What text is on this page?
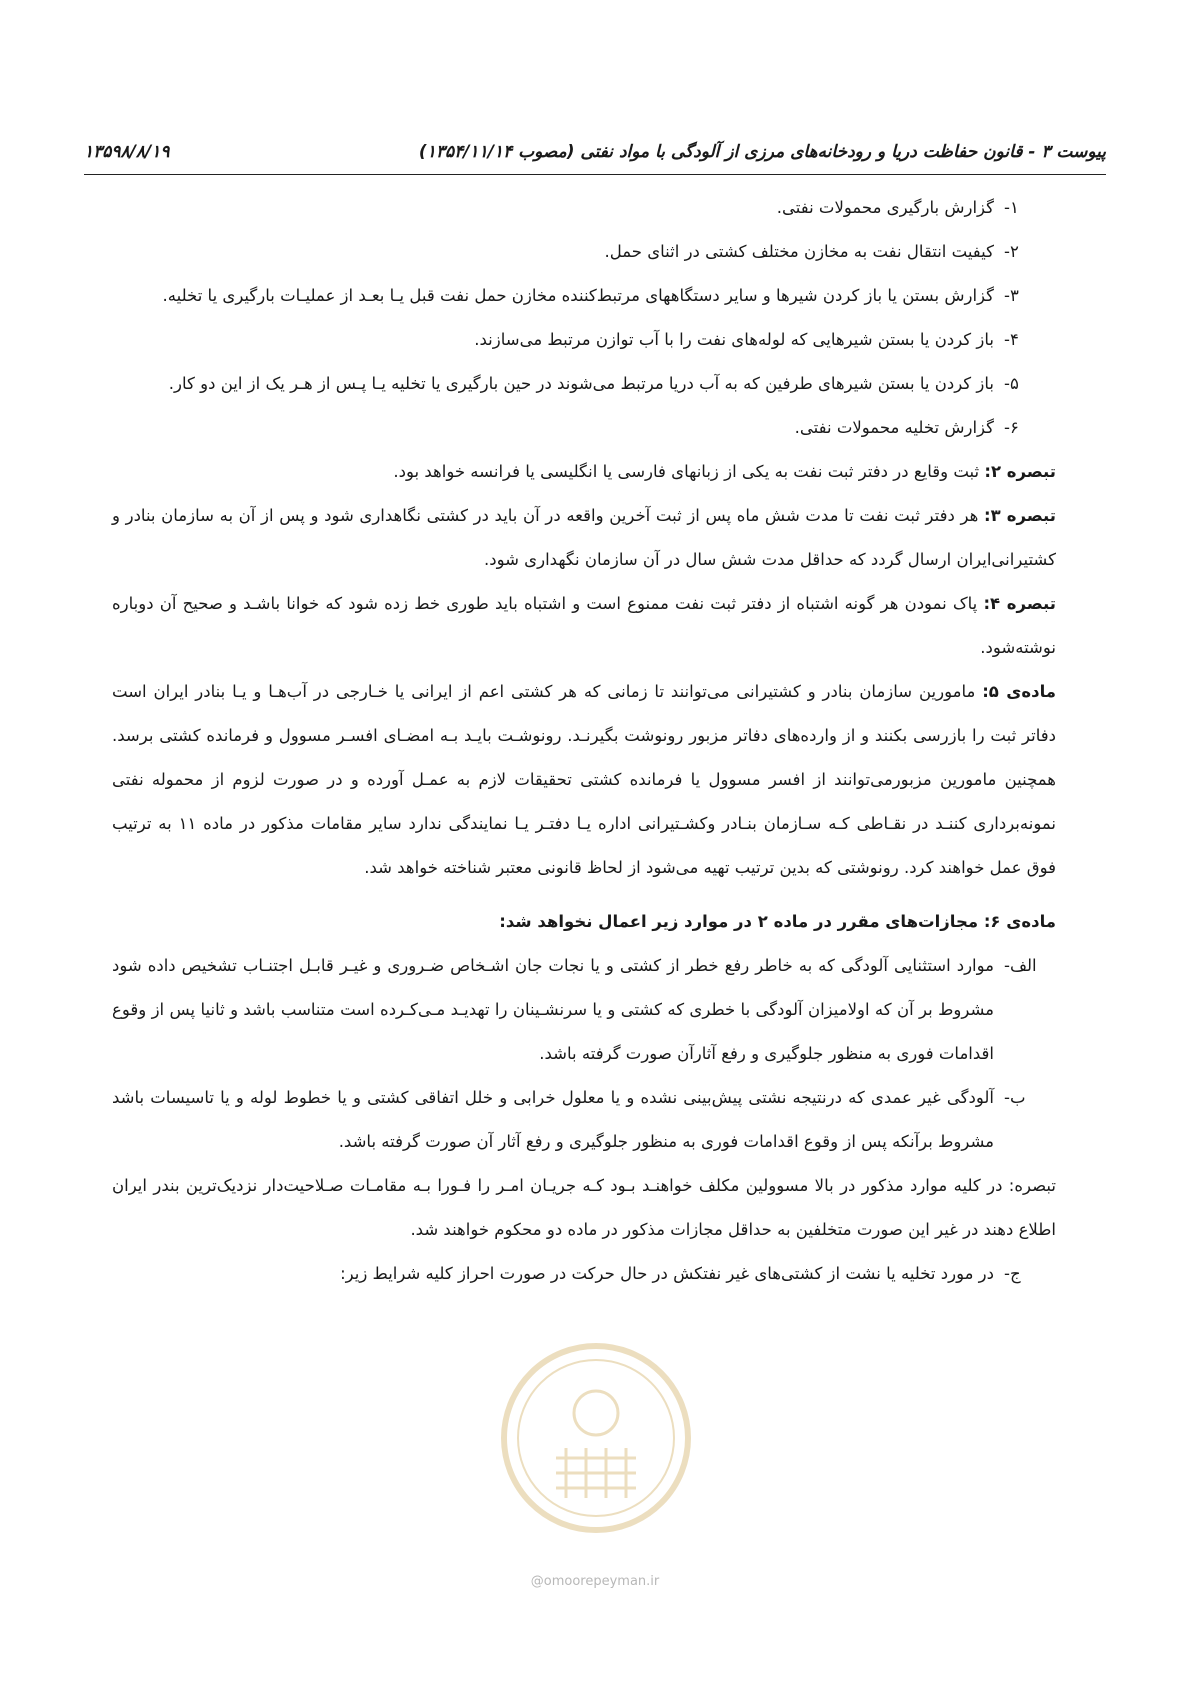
پیوست ۳ - قانون حفاظت دریا و رودخانه‌های مرزی از آلودگی با مواد نفتی (مصوب ۱۳۵۴/۱۱/۱۴)
۱۳۵۹۸/۸/۱۹
۱-
گزارش بارگیری محمولات نفتی.
۲-
کیفیت انتقال نفت به مخازن مختلف کشتی در اثنای حمل.
۳-
گزارش بستن یا باز کردن شیرها و سایر دستگاههای مرتبط‌کننده مخازن حمل نفت قبل یـا بعـد از عملیـات بارگیری یا تخلیه.
۴-
باز کردن یا بستن شیرهایی که لوله‌های نفت را با آب توازن مرتبط می‌سازند.
۵-
باز کردن یا بستن شیرهای طرفین که به آب دریا مرتبط می‌شوند در حین بارگیری یا تخلیه یـا پـس از هـر یک از این دو کار.
۶-
گزارش تخلیه محمولات نفتی.
تبصره ۲: ثبت وقایع در دفتر ثبت نفت به یکی از زبانهای فارسی یا انگلیسی یا فرانسه خواهد بود.
تبصره ۳: هر دفتر ثبت نفت تا مدت شش ماه پس از ثبت آخرین واقعه در آن باید در کشتی نگاهداری شود و پس از آن به سازمان بنادر و کشتیرانی‌ایران ارسال گردد که حداقل مدت شش سال در آن سازمان نگهداری شود.
تبصره ۴: پاک نمودن هر گونه اشتباه از دفتر ثبت نفت ممنوع است و اشتباه باید طوری خط زده شود که خوانا باشـد و صحیح آن دوباره نوشته‌شود.
ماده‌ی ۵: مامورین سازمان بنادر و کشتیرانی می‌توانند تا زمانی که هر کشتی اعم از ایرانی یا خـارجی در آب‌هـا و یـا بنادر ایران است دفاتر ثبت را بازرسی بکنند و از وارده‌های دفاتر مزبور رونوشت بگیرنـد. رونوشـت بایـد بـه امضـای افسـر مسوول و فرمانده کشتی برسد. همچنین مامورین مزبورمی‌توانند از افسر مسوول یا فرمانده کشتی تحقیقات لازم به عمـل آورده و در صورت لزوم از محموله نفتی نمونه‌برداری کننـد در نقـاطی کـه سـازمان بنـادر وکشـتیرانی اداره یـا دفتـر یـا نمایندگی ندارد سایر مقامات مذکور در ماده ۱۱ به ترتیب فوق عمل خواهند کرد. رونوشتی که بدین ترتیب تهیه می‌شود از لحاظ قانونی معتبر شناخته خواهد شد.
ماده‌ی ۶: مجازات‌های مقرر در ماده ۲ در موارد زیر اعمال نخواهد شد:
الف-
موارد استثنایی آلودگی که به خاطر رفع خطر از کشتی و یا نجات جان اشـخاص ضـروری و غیـر قابـل اجتنـاب تشخیص داده شود مشروط بر آن که اولامیزان آلودگی با خطری که کشتی و یا سرنشـینان را تهدیـد مـی‌کـرده است متناسب باشد و ثانیا پس از وقوع اقدامات فوری به منظور جلوگیری و رفع آثارآن صورت گرفته باشد.
ب-
آلودگی غیر عمدی که درنتیجه نشتی پیش‌بینی نشده و یا معلول خرابی و خلل اتفاقی کشتی و یا خطوط لوله و یا تاسیسات باشد مشروط برآنکه پس از وقوع اقدامات فوری به منظور جلوگیری و رفع آثار آن صورت گرفته باشد.
تبصره: در کلیه موارد مذکور در بالا مسوولین مکلف خواهنـد بـود کـه جریـان امـر را فـورا بـه مقامـات صـلاحیت‌دار نزدیک‌ترین بندر ایران اطلاع دهند در غیر این صورت متخلفین به حداقل مجازات مذکور در ماده دو محکوم خواهند شد.
ج-
در مورد تخلیه یا نشت از کشتی‌های غیر نفتکش در حال حرکت در صورت احراز کلیه شرایط زیر:
@omoorepeyman.ir
